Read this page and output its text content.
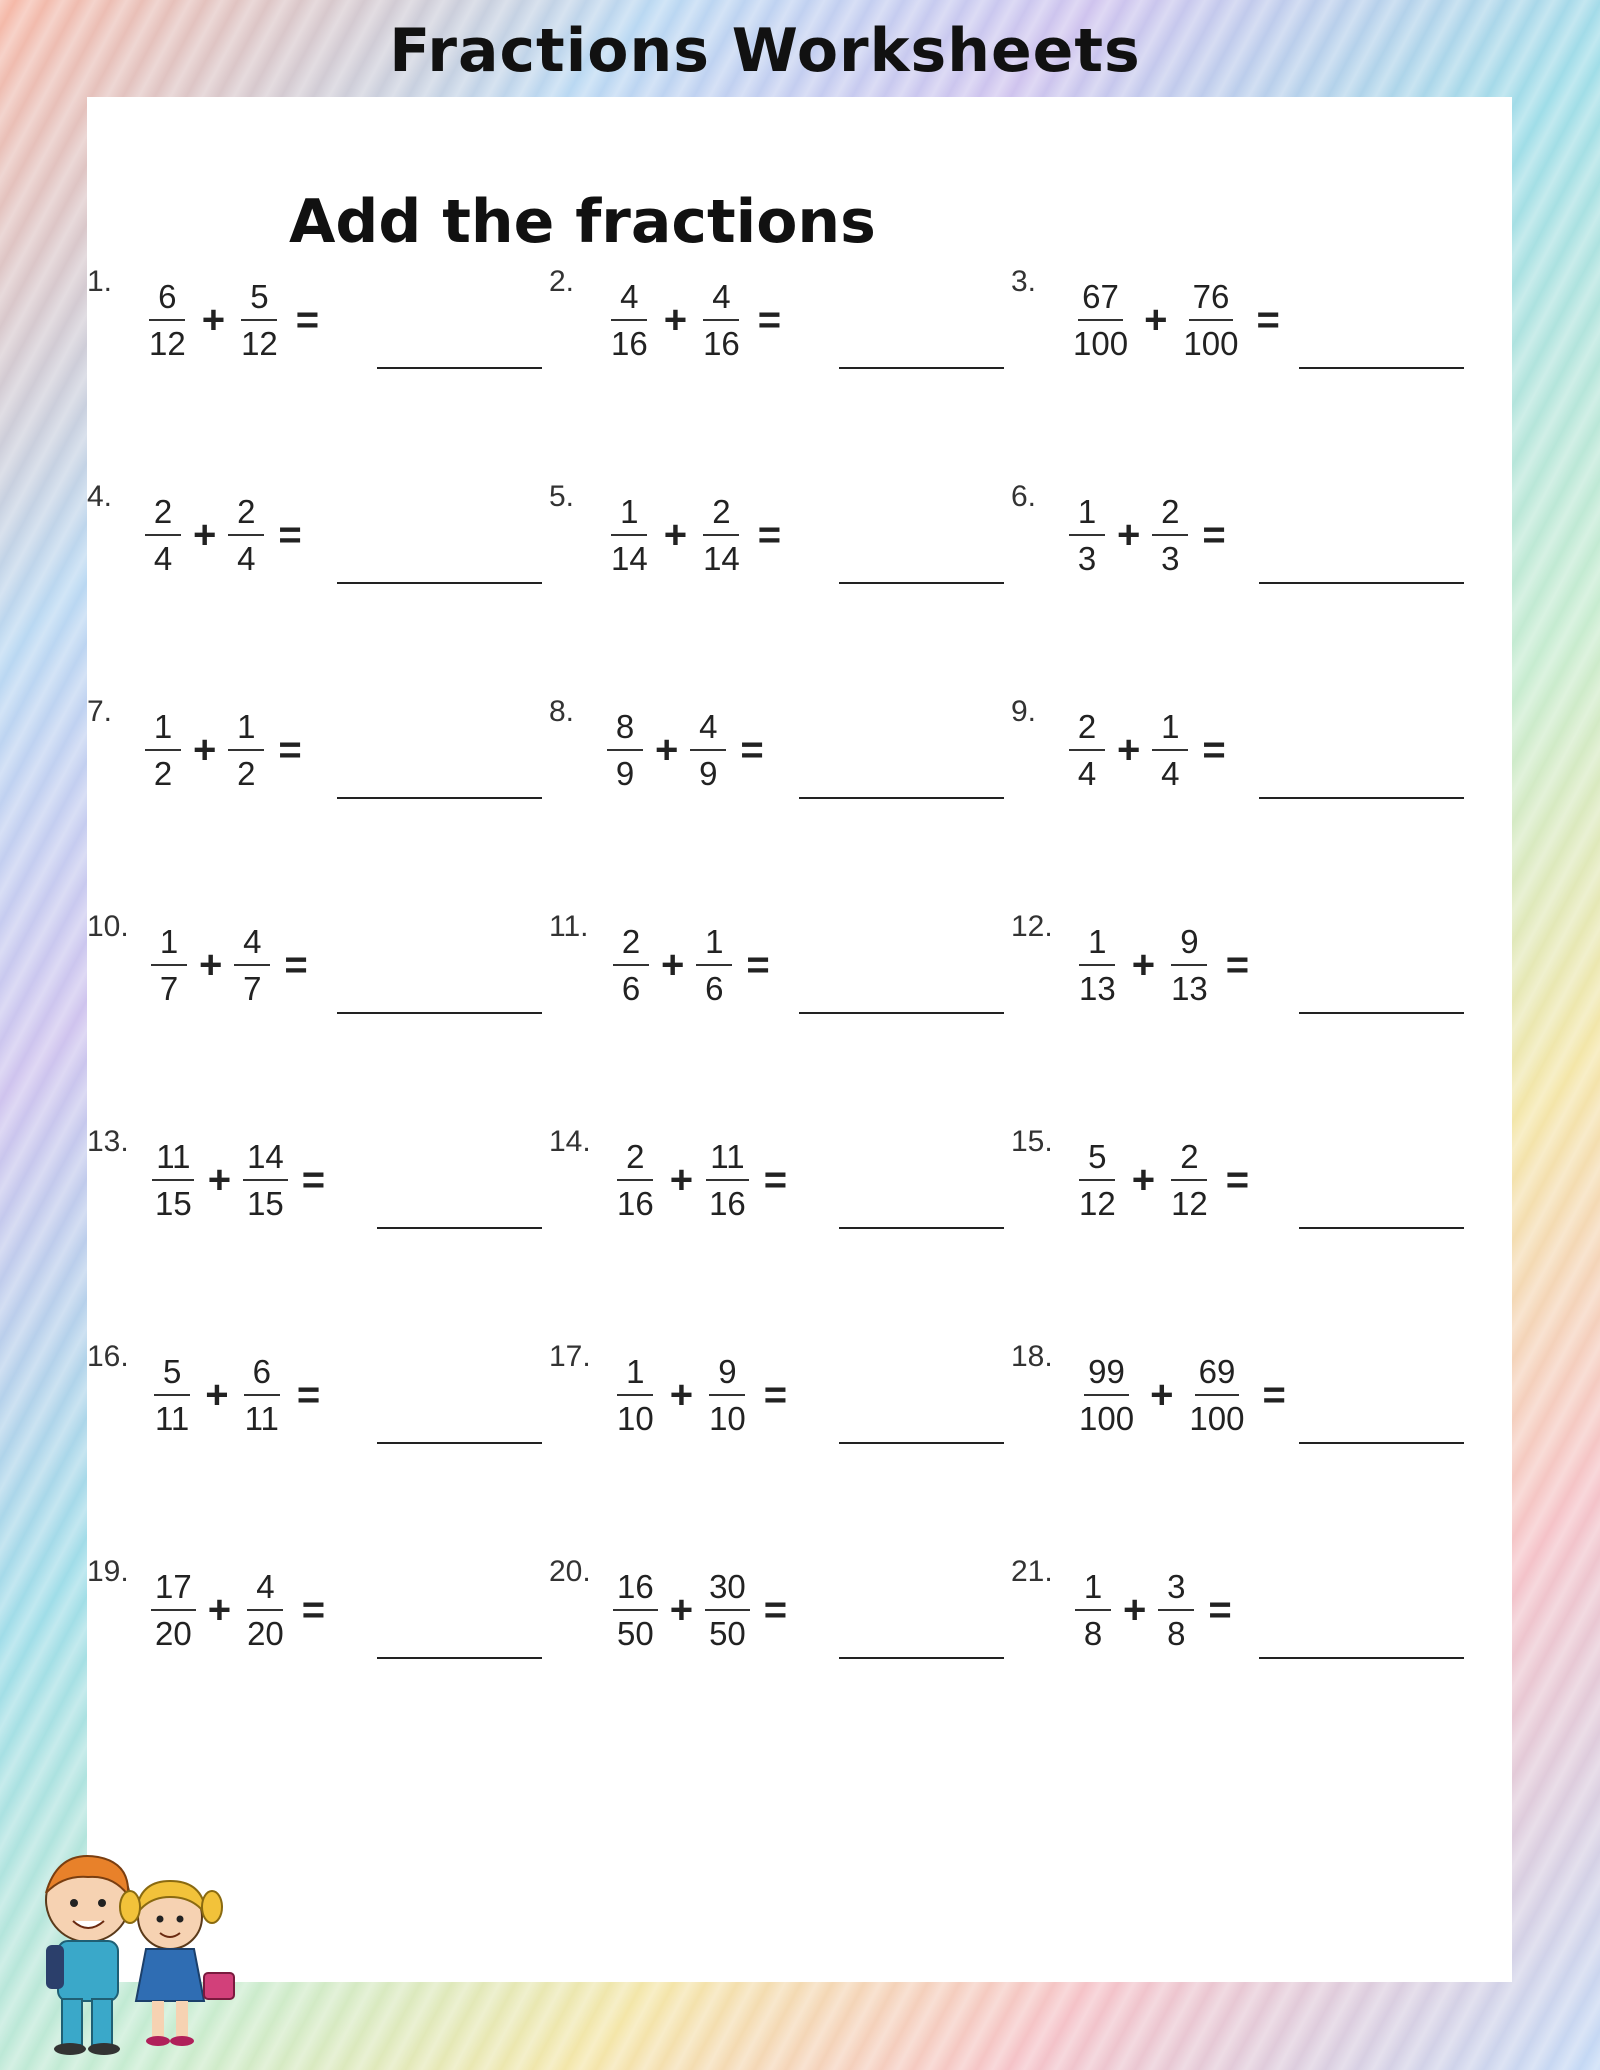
Fractions Worksheets
Add the fractions
1. $\frac{6}{12} + \frac{5}{12}$ =
2. $\frac{4}{16} + \frac{4}{16}$ =
3. $\frac{67}{100} + \frac{76}{100}$ =
4. $\frac{2}{4} + \frac{2}{4}$ =
5. $\frac{1}{14} + \frac{2}{14}$ =
6. $\frac{1}{3} + \frac{2}{3}$ =
7. $\frac{1}{2} + \frac{1}{2}$ =
8. $\frac{8}{9} + \frac{4}{9}$ =
9. $\frac{2}{4} + \frac{1}{4}$ =
10. $\frac{1}{7} + \frac{4}{7}$ =
11. $\frac{2}{6} + \frac{1}{6}$ =
12. $\frac{1}{13} + \frac{9}{13}$ =
13. $\frac{11}{15} + \frac{14}{15}$ =
14. $\frac{2}{16} + \frac{11}{16}$ =
15. $\frac{5}{12} + \frac{2}{12}$ =
16. $\frac{5}{11} + \frac{6}{11}$ =
17. $\frac{1}{10} + \frac{9}{10}$ =
18. $\frac{99}{100} + \frac{69}{100}$ =
19. $\frac{17}{20} + \frac{4}{20}$ =
20. $\frac{16}{50} + \frac{30}{50}$ =
21. $\frac{1}{8} + \frac{3}{8}$ =
